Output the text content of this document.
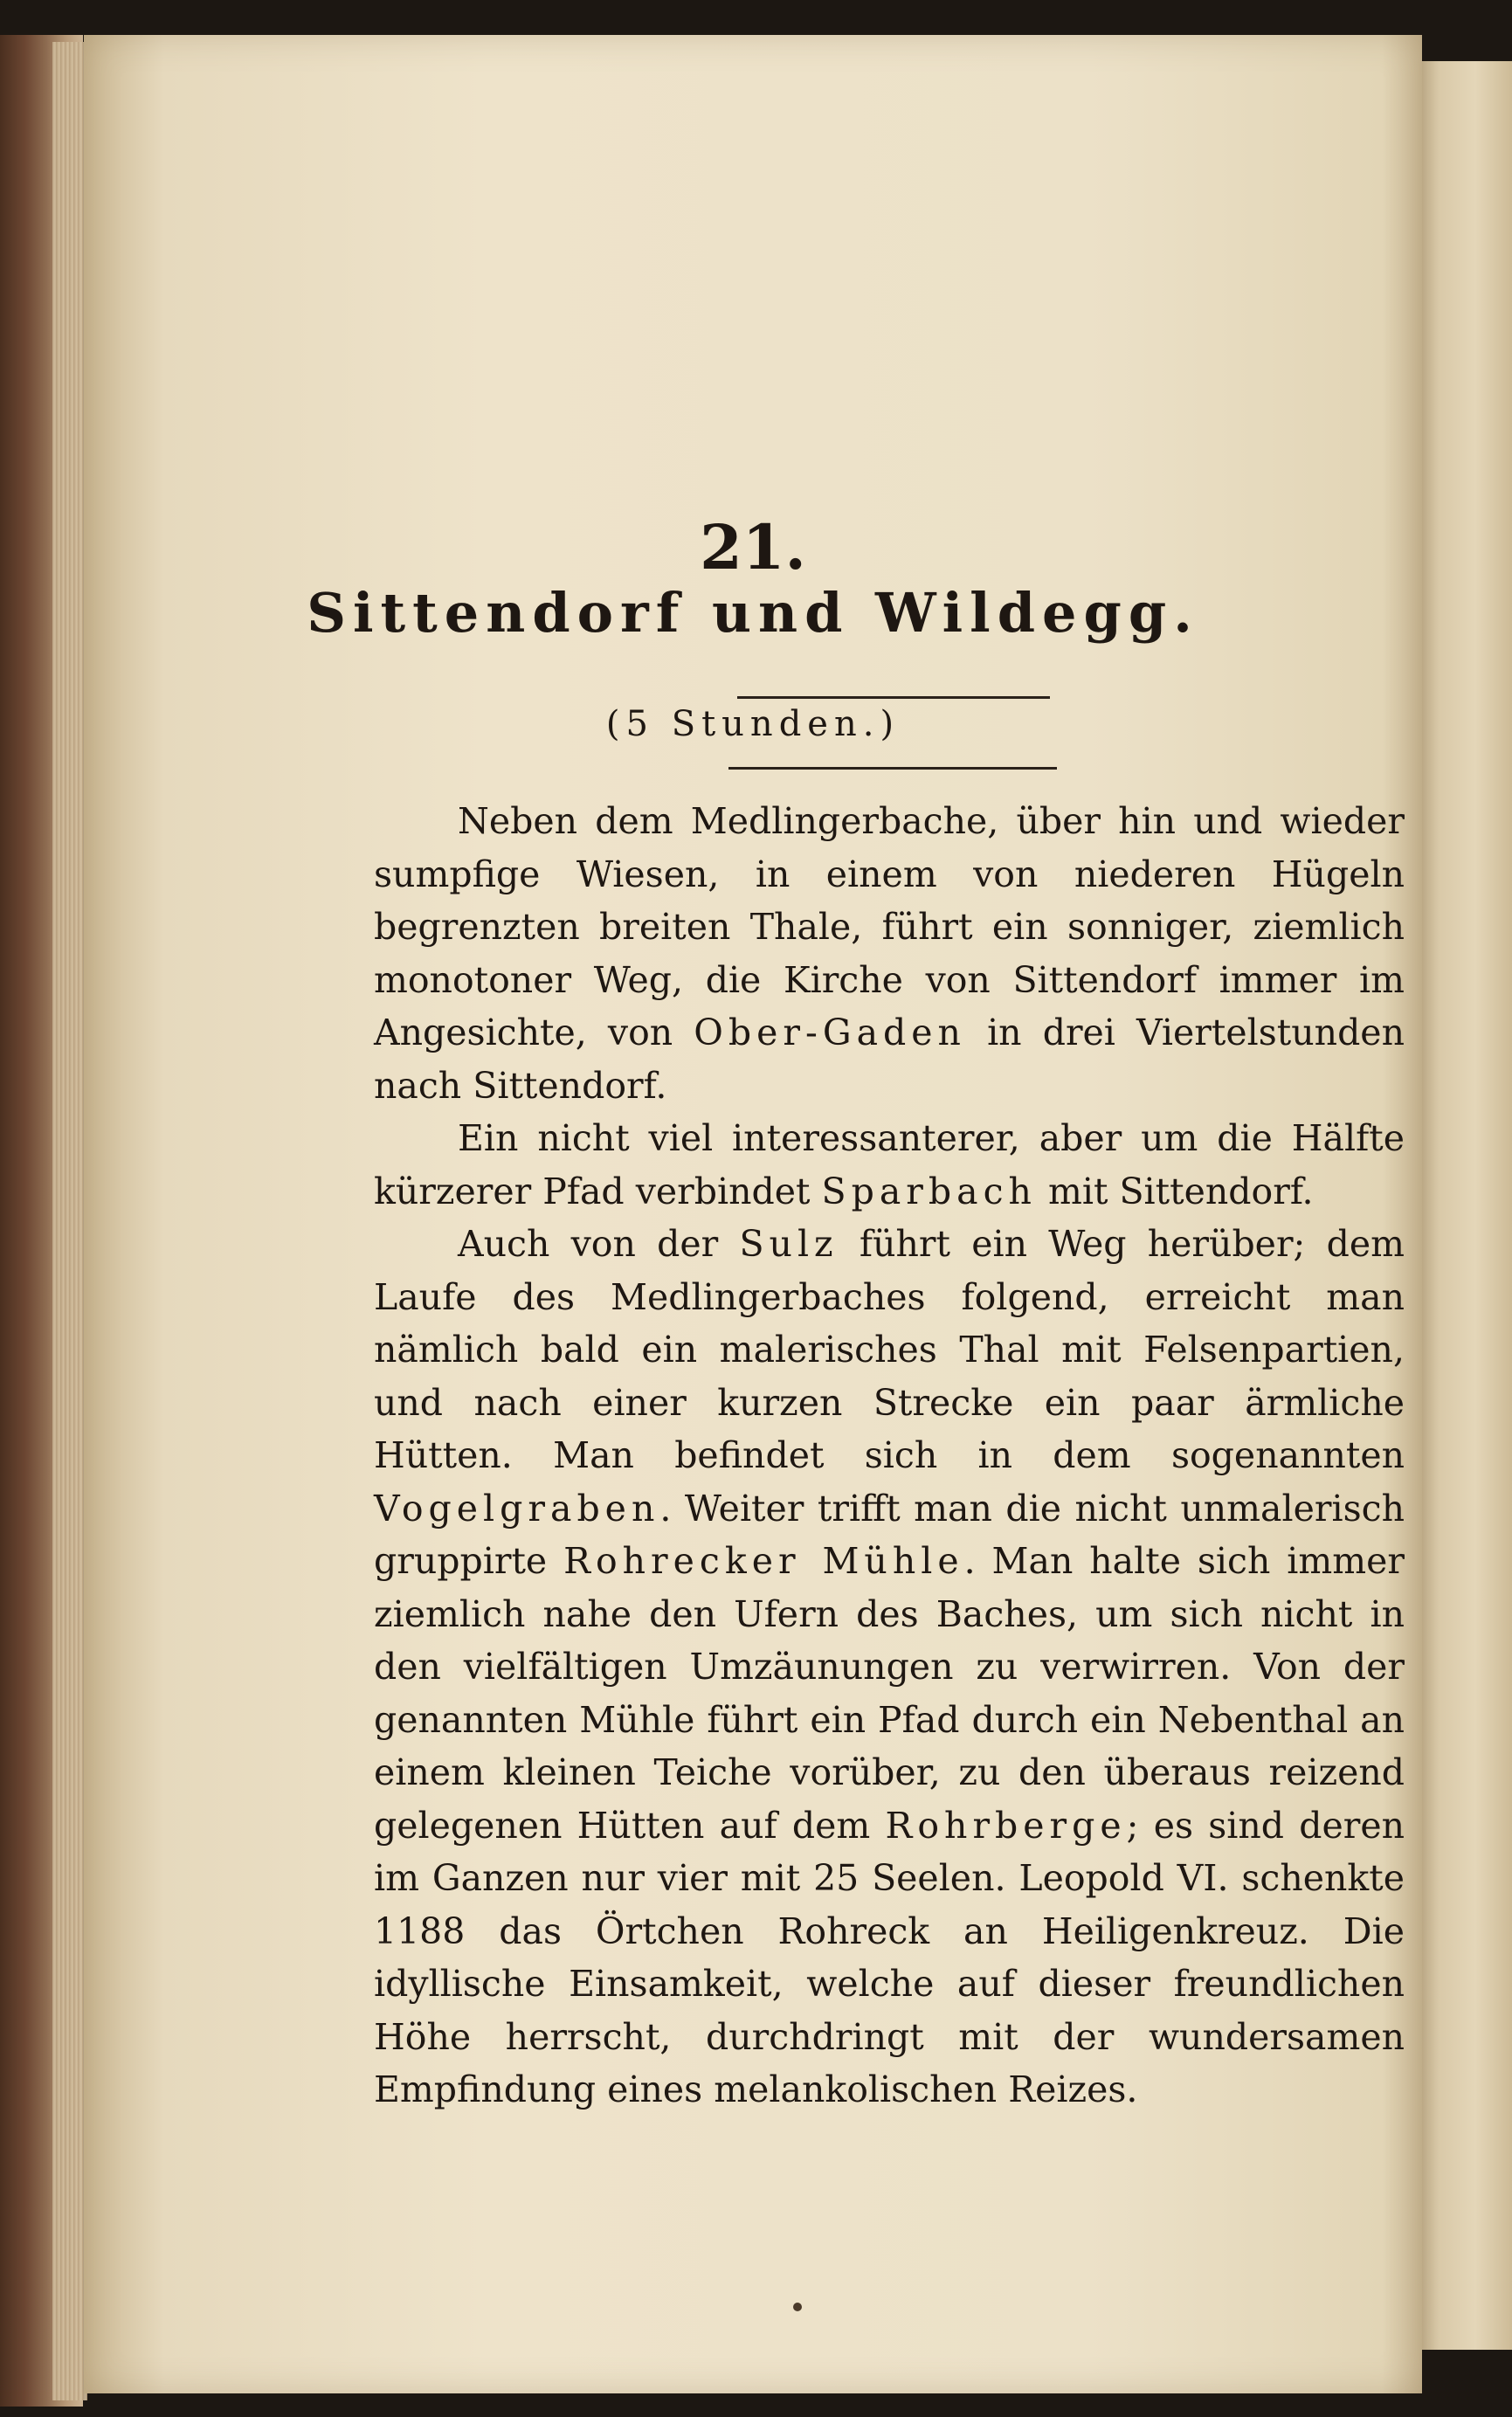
21.
Sittendorf und Wildegg.
(5 Stunden.)

Neben dem Medlingerbache, über hin und wieder sumpfige Wiesen, in einem von niederen Hügeln begrenzten breiten Thale, führt ein sonniger, ziemlich monotoner Weg, die Kirche von Sittendorf immer im Angesichte, von Ober-Gaden in drei Viertelstunden nach Sittendorf.

Ein nicht viel interessanterer, aber um die Hälfte kürzerer Pfad verbindet Sparbach mit Sittendorf.

Auch von der Sulz führt ein Weg herüber; dem Laufe des Medlingerbaches folgend, erreicht man nämlich bald ein malerisches Thal mit Felsenpartien, und nach einer kurzen Strecke ein paar ärmliche Hütten. Man befindet sich in dem sogenannten Vogelgraben. Weiter trifft man die nicht unmalerisch gruppirte Rohrecker Mühle. Man halte sich immer ziemlich nahe den Ufern des Baches, um sich nicht in den vielfältigen Umzäunungen zu verwirren. Von der genannten Mühle führt ein Pfad durch ein Nebenthal an einem kleinen Teiche vorüber, zu den überaus reizend gelegenen Hütten auf dem Rohrberge; es sind deren im Ganzen nur vier mit 25 Seelen. Leopold VI. schenkte 1188 das Örtchen Rohreck an Heiligenkreuz. Die idyllische Einsamkeit, welche auf dieser freundlichen Höhe herrscht, durchdringt mit der wundersamen Empfindung eines melankolischen Reizes.
